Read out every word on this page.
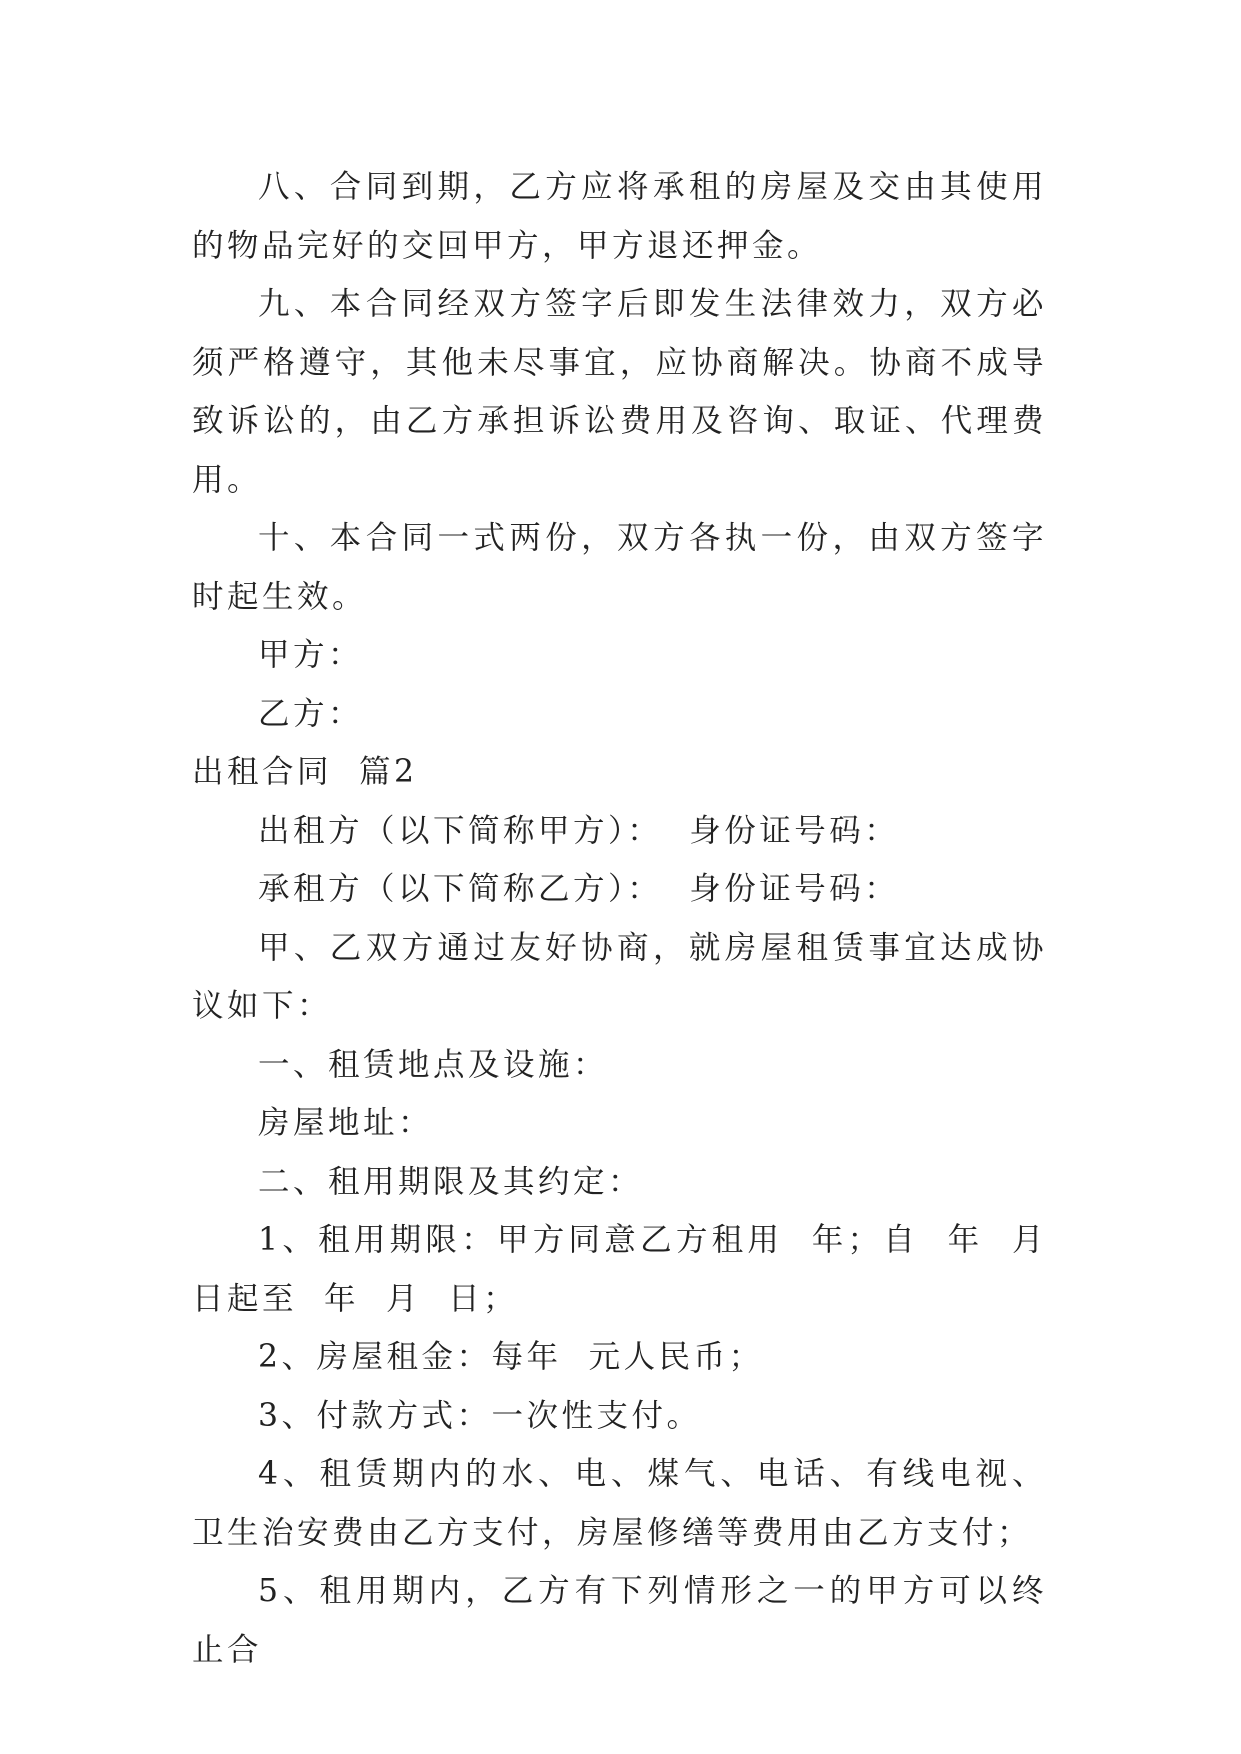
八、合同到期，乙方应将承租的房屋及交由其使用的物品完好的交回甲方，甲方退还押金。

九、本合同经双方签字后即发生法律效力，双方必须严格遵守，其他未尽事宜，应协商解决。协商不成导致诉讼的，由乙方承担诉讼费用及咨询、取证、代理费用。

十、本合同一式两份，双方各执一份，由双方签字时起生效。

甲方：

乙方：

出租合同  篇2

出租方（以下简称甲方）：  身份证号码：

承租方（以下简称乙方）：  身份证号码：

甲、乙双方通过友好协商，就房屋租赁事宜达成协议如下：

一、租赁地点及设施：

房屋地址：

二、租用期限及其约定：

1、租用期限：甲方同意乙方租用  年；自  年  月  日起至  年  月  日；

2、房屋租金：每年  元人民币；

3、付款方式：一次性支付。

4、租赁期内的水、电、煤气、电话、有线电视、卫生治安费由乙方支付，房屋修缮等费用由乙方支付；

5、租用期内，乙方有下列情形之一的甲方可以终止合
